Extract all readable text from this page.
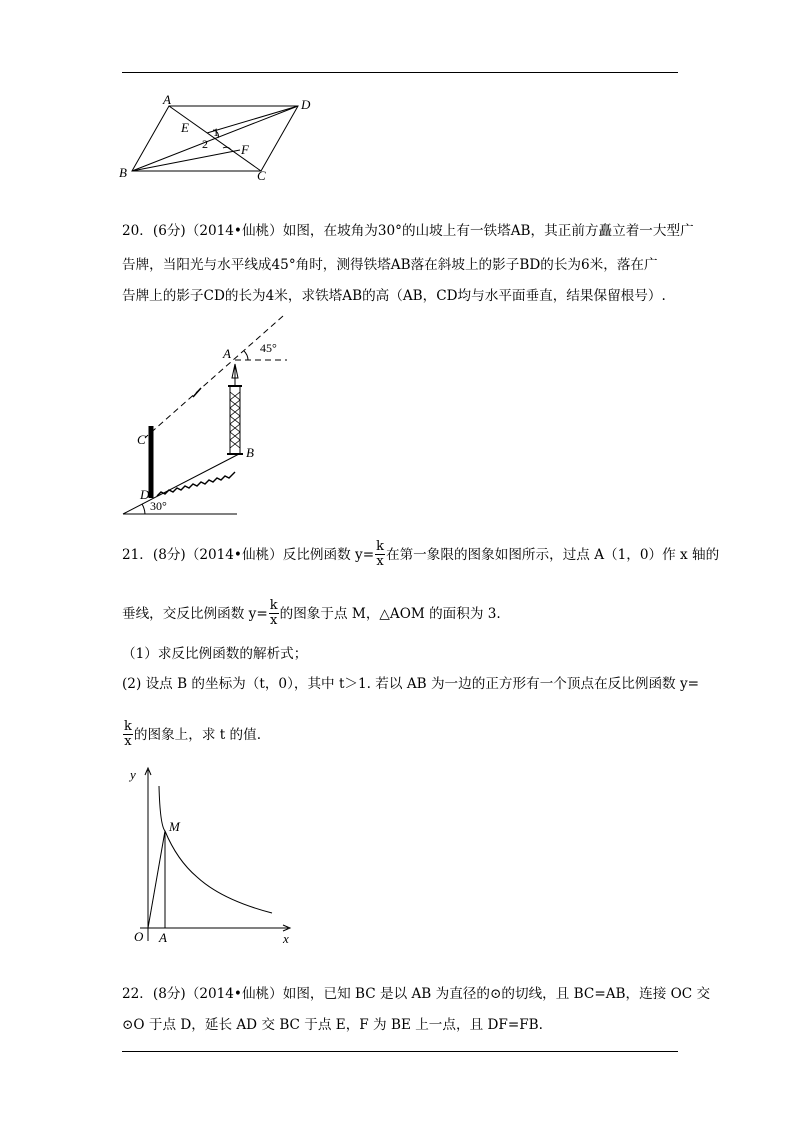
A	D
E 1
2	F
B	C
20．(6分)（2014•仙桃）如图，在坡角为30°的山坡上有一铁塔AB，其正前方矗立着一大型广
告牌，当阳光与水平线成45°角时，测得铁塔AB落在斜坡上的影子BD的长为6米，落在广
告牌上的影子CD的长为4米，求铁塔AB的高（AB，CD均与水平面垂直，结果保留根号）.
A 45°
C
B
D
30°
21．(8分)（2014•仙桃）反比例函数 $y= \frac{k}{x}$ 在第一象限的图象如图所示，过点 A（1，0）作 x 轴的
垂线，交反比例函数 $y= \frac{k}{x}$ 的图象于点 M，△AOM 的面积为 3.
（1）求反比例函数的解析式；
(2) 设点 B 的坐标为（t，0），其中 t＞1. 若以 AB 为一边的正方形有一个顶点在反比例函数 y=
$\frac{k}{x}$ 的图象上，求 t 的值.
y
M
O A	x
22．(8分)（2014•仙桃）如图，已知 BC 是以 AB 为直径的⊙的切线，且 BC=AB，连接 OC 交
⊙O 于点 D，延长 AD 交 BC 于点 E，F 为 BE 上一点，且 DF=FB.
